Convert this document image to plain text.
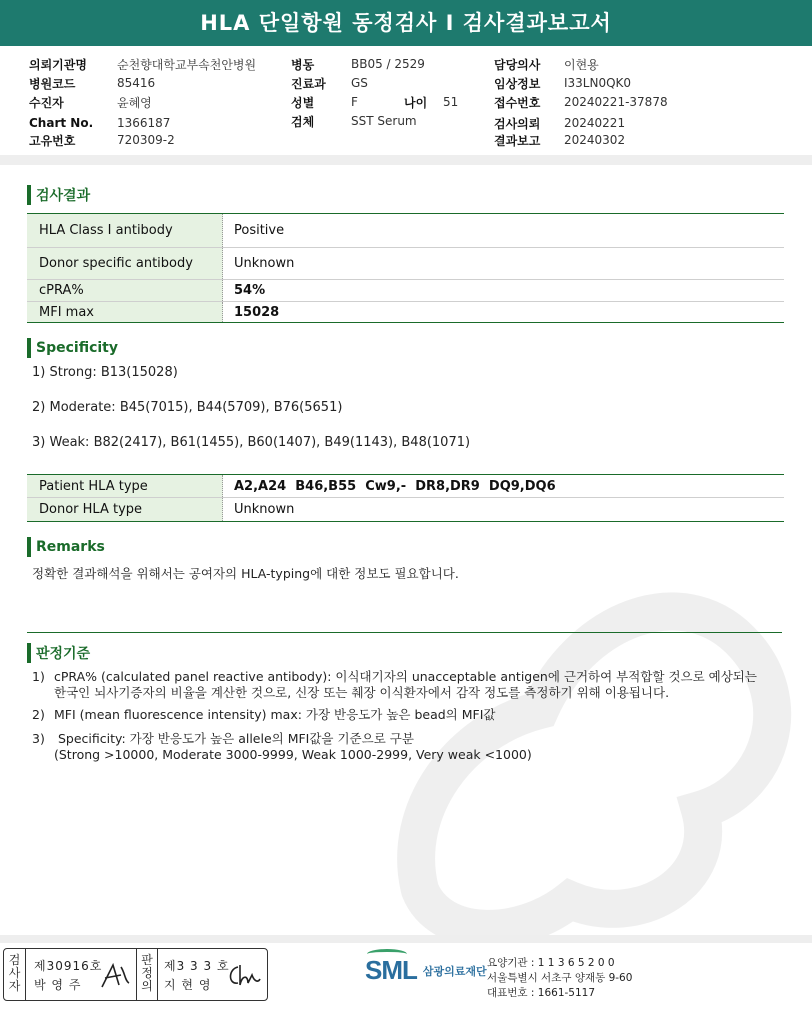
HLA 단일항원 동정검사 I 검사결과보고서
의뢰기관명	순천향대학교부속천안병원
병원코드	85416
수진자	윤혜영
Chart No.	1366187
고유번호	720309-2
병동	BB05 / 2529
진료과	GS
성별	F	나이	51
검체	SST Serum
담당의사	이현용
임상정보	I33LN0QK0
접수번호	20240221-37878
검사의뢰	20240221
결과보고	20240302
검사결과
HLA Class I antibody	Positive
Donor specific antibody	Unknown
cPRA%	54%
MFI max	15028
Specificity
1) Strong: B13(15028)
2) Moderate: B45(7015), B44(5709), B76(5651)
3) Weak: B82(2417), B61(1455), B60(1407), B49(1143), B48(1071)
Patient HLA type	A2,A24  B46,B55  Cw9,-  DR8,DR9  DQ9,DQ6
Donor HLA type	Unknown
Remarks
정확한 결과해석을 위해서는 공여자의 HLA-typing에 대한 정보도 필요합니다.
판정기준
1) cPRA% (calculated panel reactive antibody): 이식대기자의 unacceptable antigen에 근거하여 부적합할 것으로 예상되는
한국인 뇌사기증자의 비율을 계산한 것으로, 신장 또는 췌장 이식환자에서 감작 정도를 측정하기 위해 이용됩니다.
2) MFI (mean fluorescence intensity) max: 가장 반응도가 높은 bead의 MFI값
3) Specificity: 가장 반응도가 높은 allele의 MFI값을 기준으로 구분
(Strong >10000, Moderate 3000-9999, Weak 1000-2999, Very weak <1000)
검
사
자
제30916호
박 영 주
판
정
의
제3 3 3 호
지 현 영	SML 삼광의료재단
요양기관 : 1 1 3 6 5 2 0 0
서울특별시 서초구 양재동 9-60
대표번호 : 1661-5117
